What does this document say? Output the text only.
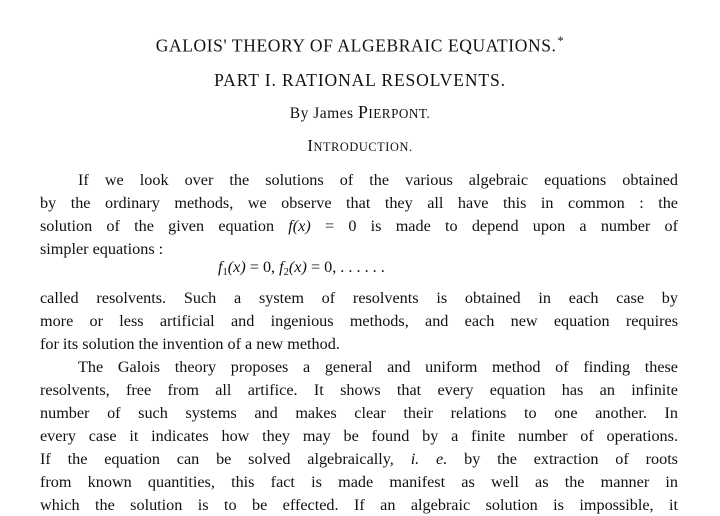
GALOIS' THEORY OF ALGEBRAIC EQUATIONS.*
PART I. RATIONAL RESOLVENTS.
By James PIERPONT.
INTRODUCTION.
If we look over the solutions of the various algebraic equations obtained
by the ordinary methods, we observe that they all have this in common : the
solution of the given equation f(x) = 0 is made to depend upon a number of
simpler equations :
$f_1(x) = 0$, $f_2(x) = 0$, . . . . . .
called resolvents. Such a system of resolvents is obtained in each case by
more or less artificial and ingenious methods, and each new equation requires
for its solution the invention of a new method.
The Galois theory proposes a general and uniform method of finding these
resolvents, free from all artifice. It shows that every equation has an infinite
number of such systems and makes clear their relations to one another. In
every case it indicates how they may be found by a finite number of operations.
If the equation can be solved algebraically, i. e. by the extraction of roots
from known quantities, this fact is made manifest as well as the manner in
which the solution is to be effected. If an algebraic solution is impossible, it
